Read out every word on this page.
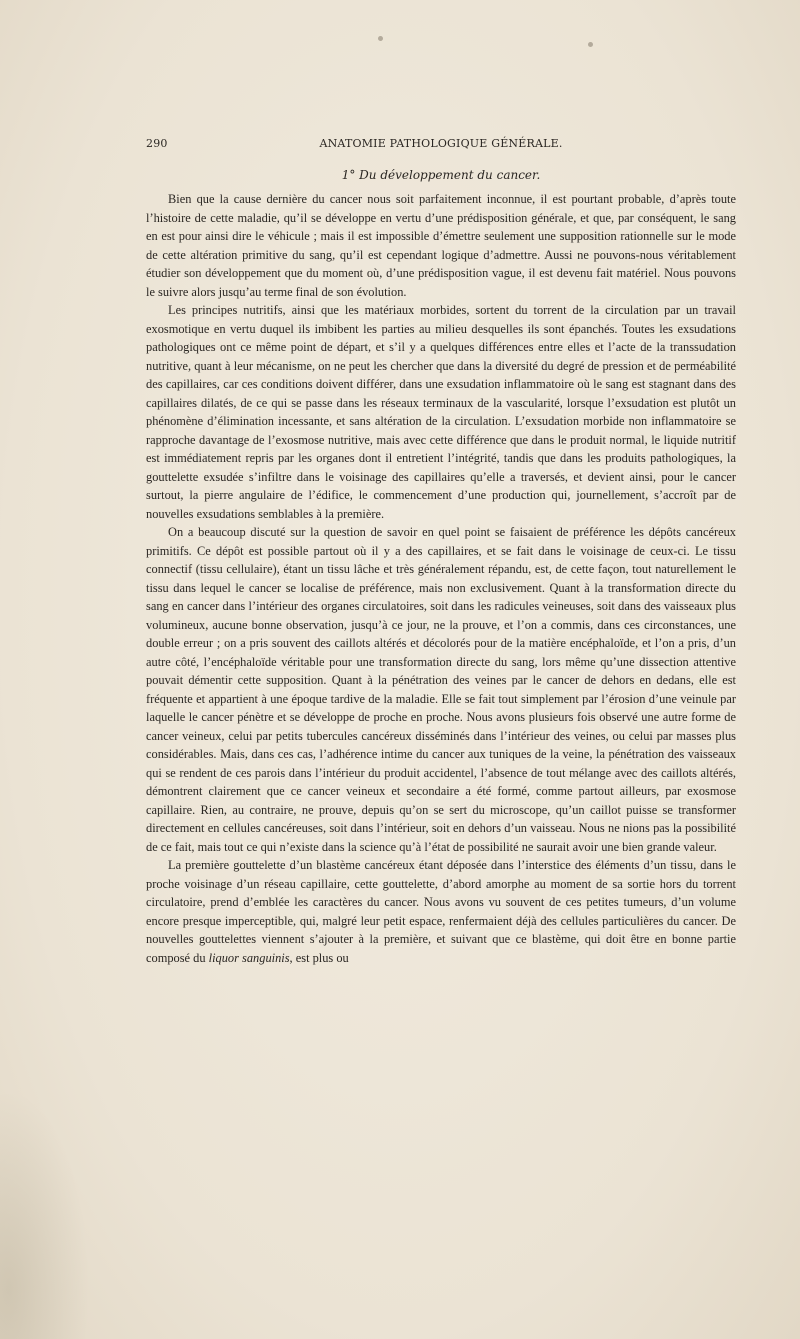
290	ANATOMIE PATHOLOGIQUE GÉNÉRALE.
1° Du développement du cancer.

Bien que la cause dernière du cancer nous soit parfaitement inconnue, il est pourtant probable, d’après toute l’histoire de cette maladie, qu’il se développe en vertu d’une prédisposition générale, et que, par conséquent, le sang en est pour ainsi dire le véhicule ; mais il est impossible d’émettre seulement une supposition rationnelle sur le mode de cette altération primitive du sang, qu’il est cependant logique d’admettre. Aussi ne pouvons-nous véritablement étudier son développement que du moment où, d’une prédisposition vague, il est devenu fait matériel. Nous pouvons le suivre alors jusqu’au terme final de son évolution.

Les principes nutritifs, ainsi que les matériaux morbides, sortent du torrent de la circulation par un travail exosmotique en vertu duquel ils imbibent les parties au milieu desquelles ils sont épanchés. Toutes les exsudations pathologiques ont ce même point de départ, et s’il y a quelques différences entre elles et l’acte de la transsudation nutritive, quant à leur mécanisme, on ne peut les chercher que dans la diversité du degré de pression et de perméabilité des capillaires, car ces conditions doivent différer, dans une exsudation inflammatoire où le sang est stagnant dans des capillaires dilatés, de ce qui se passe dans les réseaux terminaux de la vascularité, lorsque l’exsudation est plutôt un phénomène d’élimination incessante, et sans altération de la circulation. L’exsudation morbide non inflammatoire se rapproche davantage de l’exosmose nutritive, mais avec cette différence que dans le produit normal, le liquide nutritif est immédiatement repris par les organes dont il entretient l’intégrité, tandis que dans les produits pathologiques, la gouttelette exsudée s’infiltre dans le voisinage des capillaires qu’elle a traversés, et devient ainsi, pour le cancer surtout, la pierre angulaire de l’édifice, le commencement d’une production qui, journellement, s’accroît par de nouvelles exsudations semblables à la première.

On a beaucoup discuté sur la question de savoir en quel point se faisaient de préférence les dépôts cancéreux primitifs. Ce dépôt est possible partout où il y a des capillaires, et se fait dans le voisinage de ceux-ci. Le tissu connectif (tissu cellulaire), étant un tissu lâche et très généralement répandu, est, de cette façon, tout naturellement le tissu dans lequel le cancer se localise de préférence, mais non exclusivement. Quant à la transformation directe du sang en cancer dans l’intérieur des organes circulatoires, soit dans les radicules veineuses, soit dans des vaisseaux plus volumineux, aucune bonne observation, jusqu’à ce jour, ne la prouve, et l’on a commis, dans ces circonstances, une double erreur ; on a pris souvent des caillots altérés et décolorés pour de la matière encéphaloïde, et l’on a pris, d’un autre côté, l’encéphaloïde véritable pour une transformation directe du sang, lors même qu’une dissection attentive pouvait démentir cette supposition. Quant à la pénétration des veines par le cancer de dehors en dedans, elle est fréquente et appartient à une époque tardive de la maladie. Elle se fait tout simplement par l’érosion d’une veinule par laquelle le cancer pénètre et se développe de proche en proche. Nous avons plusieurs fois observé une autre forme de cancer veineux, celui par petits tubercules cancéreux disséminés dans l’intérieur des veines, ou celui par masses plus considérables. Mais, dans ces cas, l’adhérence intime du cancer aux tuniques de la veine, la pénétration des vaisseaux qui se rendent de ces parois dans l’intérieur du produit accidentel, l’absence de tout mélange avec des caillots altérés, démontrent clairement que ce cancer veineux et secondaire a été formé, comme partout ailleurs, par exosmose capillaire. Rien, au contraire, ne prouve, depuis qu’on se sert du microscope, qu’un caillot puisse se transformer directement en cellules cancéreuses, soit dans l’intérieur, soit en dehors d’un vaisseau. Nous ne nions pas la possibilité de ce fait, mais tout ce qui n’existe dans la science qu’à l’état de possibilité ne saurait avoir une bien grande valeur.

La première gouttelette d’un blastème cancéreux étant déposée dans l’interstice des éléments d’un tissu, dans le proche voisinage d’un réseau capillaire, cette gouttelette, d’abord amorphe au moment de sa sortie hors du torrent circulatoire, prend d’emblée les caractères du cancer. Nous avons vu souvent de ces petites tumeurs, d’un volume encore presque imperceptible, qui, malgré leur petit espace, renfermaient déjà des cellules particulières du cancer. De nouvelles gouttelettes viennent s’ajouter à la première, et suivant que ce blastème, qui doit être en bonne partie composé du liquor sanguinis, est plus ou
